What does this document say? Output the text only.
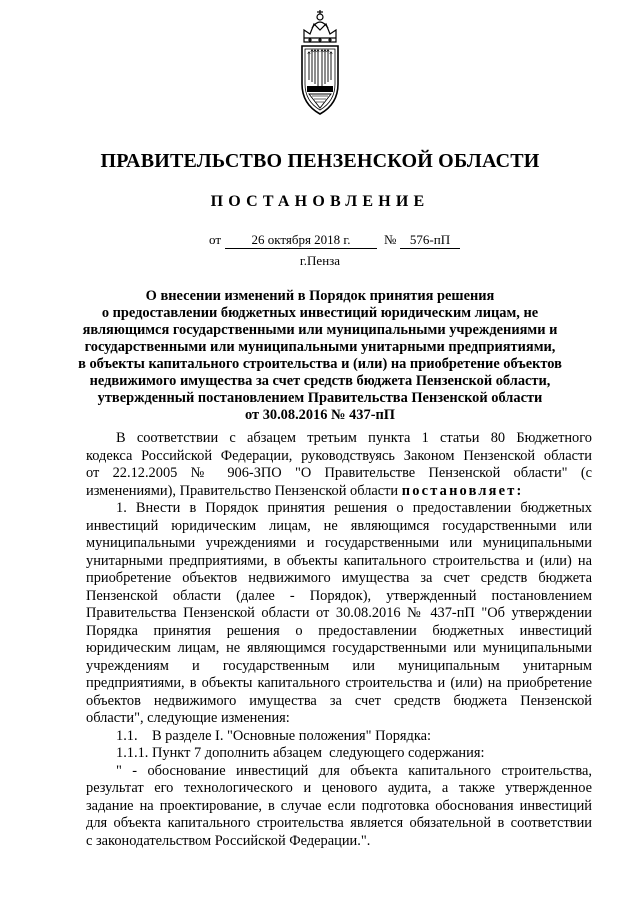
ПРАВИТЕЛЬСТВО ПЕНЗЕНСКОЙ ОБЛАСТИ
ПОСТАНОВЛЕНИЕ
от	26 октября 2018 г.	№	576-пП
г.Пенза
О внесении изменений в Порядок принятия решения
о предоставлении бюджетных инвестиций юридическим лицам, не
являющимся государственными или муниципальными учреждениями и
государственными или муниципальными унитарными предприятиями,
в объекты капитального строительства и (или) на приобретение объектов
недвижимого имущества за счет средств бюджета Пензенской области,
утвержденный постановлением Правительства Пензенской области
от 30.08.2016 № 437-пП
В соответствии с абзацем третьим пункта 1 статьи 80 Бюджетного
кодекса Российской Федерации, руководствуясь Законом Пензенской области
от 22.12.2005 № 906-ЗПО "О Правительстве Пензенской области" (с
изменениями), Правительство Пензенской области постановляет:
1. Внести в Порядок принятия решения о предоставлении бюджетных
инвестиций юридическим лицам, не являющимся государственными или
муниципальными учреждениями и государственными или муниципальными
унитарными предприятиями, в объекты капитального строительства и (или) на
приобретение объектов недвижимого имущества за счет средств бюджета
Пензенской области (далее - Порядок), утвержденный постановлением
Правительства Пензенской области от 30.08.2016 № 437-пП "Об утверждении
Порядка принятия решения о предоставлении бюджетных инвестиций
юридическим лицам, не являющимся государственными или муниципальными
учреждениям и государственным или муниципальным унитарным
предприятиями, в объекты капитального строительства и (или) на приобретение
объектов недвижимого имущества за счет средств бюджета Пензенской
области", следующие изменения:
1.1.    В разделе I. "Основные положения" Порядка:
1.1.1. Пункт 7 дополнить абзацем  следующего содержания:
" - обоснование инвестиций для объекта капитального строительства,
результат его технологического и ценового аудита, а также утвержденное
задание на проектирование, в случае если подготовка обоснования инвестиций
для объекта капитального строительства является обязательной в соответствии
с законодательством Российской Федерации.".
